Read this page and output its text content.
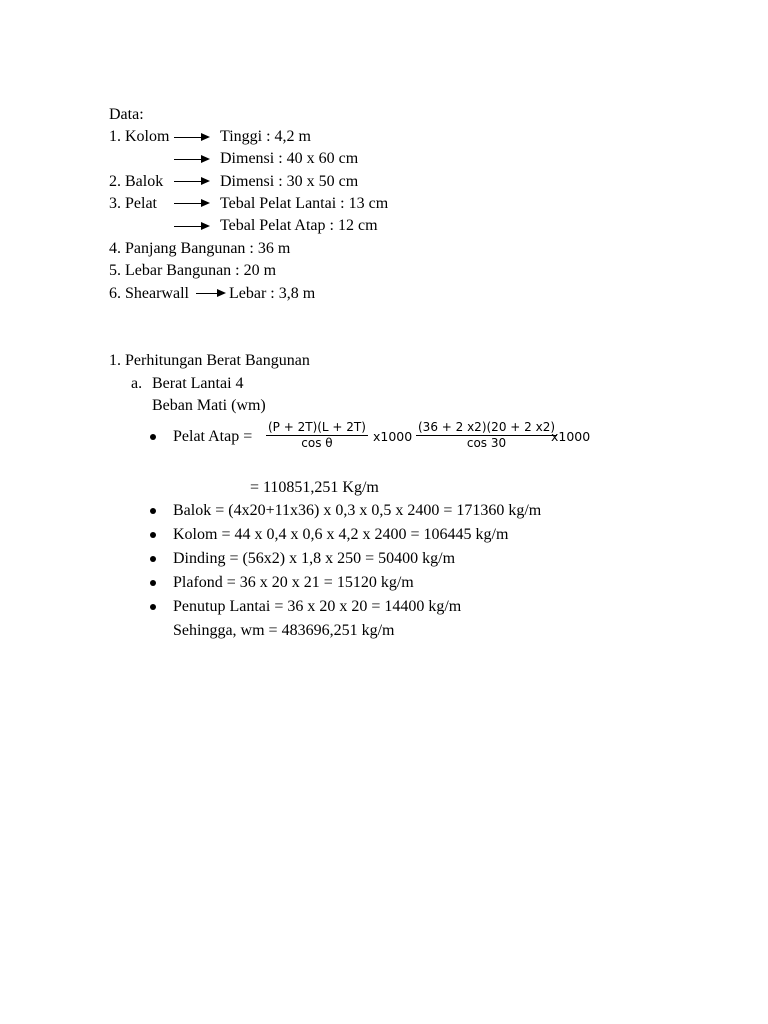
Data:
1. Kolom	Tinggi : 4,2 m
Dimensi : 40 x 60 cm
2. Balok	Dimensi : 30 x 50 cm
3. Pelat	Tebal Pelat Lantai : 13 cm
Tebal Pelat Atap : 12 cm
4. Panjang Bangunan : 36 m
5. Lebar Bangunan : 20 m
6. Shearwall	Lebar : 3,8 m
1. Perhitungan Berat Bangunan
a. Berat Lantai 4
Beban Mati (wm)
Pelat Atap = $\frac{(P + 2T)(L + 2T)}{\text{cos θ}} x1000 \frac{(36 + 2 x2)(20 + 2 x2)}{\cos 30}$
x1000
= 110851,251 Kg/m
Balok = (4x20+11x36) x 0,3 x 0,5 x 2400 = 171360 kg/m
Kolom = 44 x 0,4 x 0,6 x 4,2 x 2400 = 106445 kg/m
Dinding = (56x2) x 1,8 x 250 = 50400 kg/m
Plafond = 36 x 20 x 21 = 15120 kg/m
Penutup Lantai = 36 x 20 x 20 = 14400 kg/m
Sehingga, wm = 483696,251 kg/m
